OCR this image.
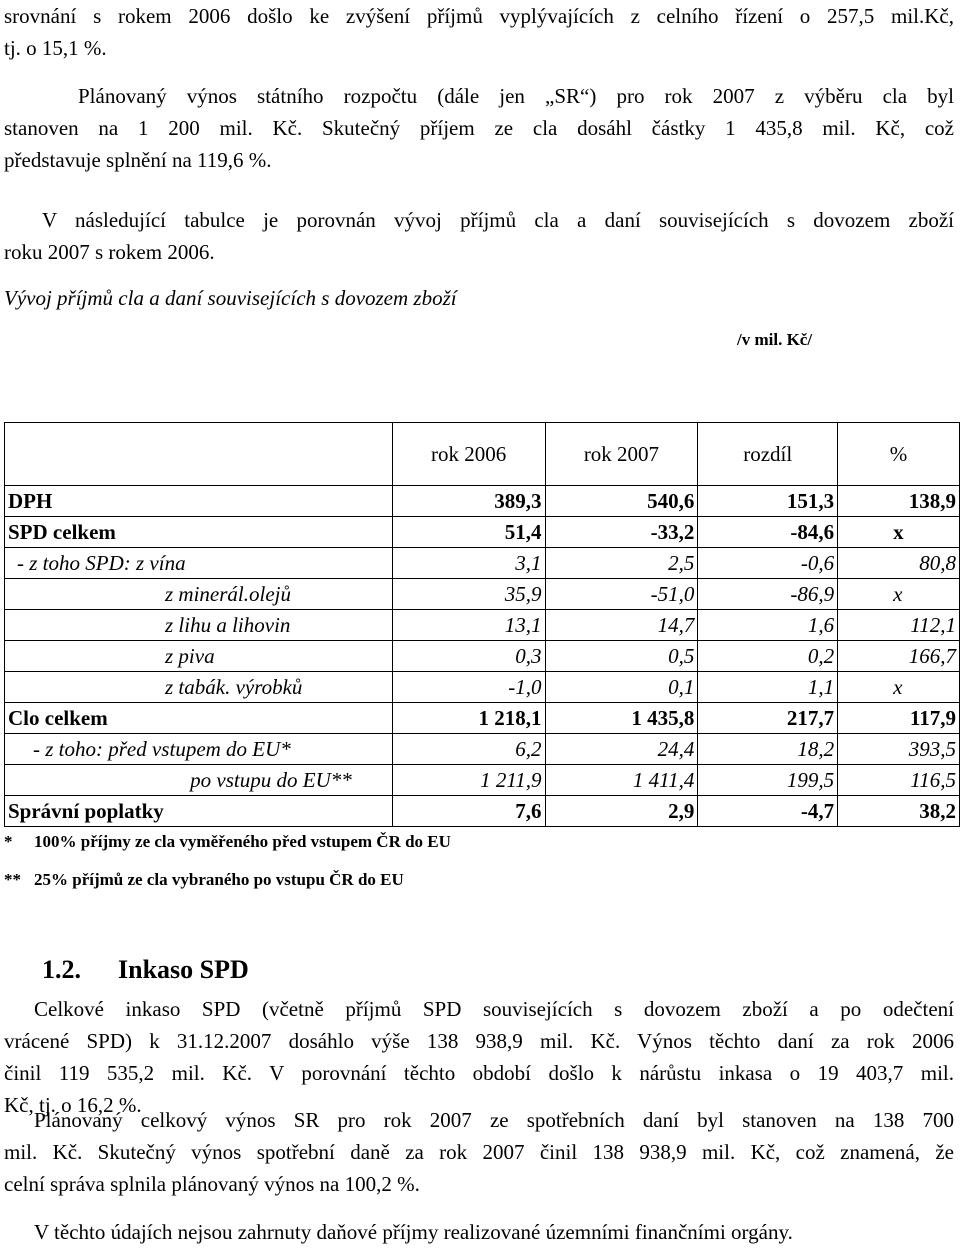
srovnání s rokem 2006 došlo ke zvýšení příjmů vyplývajících z celního řízení o 257,5 mil.Kč,
tj. o 15,1 %.

Plánovaný výnos státního rozpočtu (dále jen „SR“) pro rok 2007 z výběru cla byl
stanoven na 1 200 mil. Kč. Skutečný příjem ze cla dosáhl částky 1 435,8 mil. Kč, což
představuje splnění na 119,6 %.

V následující tabulce je porovnán vývoj příjmů cla a daní souvisejících s dovozem zboží
roku 2007 s rokem 2006.

Vývoj příjmů cla a daní souvisejících s dovozem zboží

/v mil. Kč/

	rok 2006	rok 2007	rozdíl	%
DPH	389,3	540,6	151,3	138,9
SPD celkem	51,4	-33,2	-84,6	x
- z toho SPD: z vína	3,1	2,5	-0,6	80,8
z minerál.olejů	35,9	-51,0	-86,9	x
z lihu a lihovin	13,1	14,7	1,6	112,1
z piva	0,3	0,5	0,2	166,7
z tabák. výrobků	-1,0	0,1	1,1	x
Clo celkem	1 218,1	1 435,8	217,7	117,9
- z toho: před vstupem do EU*	6,2	24,4	18,2	393,5
po vstupu do EU**	1 211,9	1 411,4	199,5	116,5
Správní poplatky	7,6	2,9	-4,7	38,2

* 100% příjmy ze cla vyměřeného před vstupem ČR do EU

** 25% příjmů ze cla vybraného po vstupu ČR do EU

1.2. Inkaso SPD

Celkové inkaso SPD (včetně příjmů SPD souvisejících s dovozem zboží a po odečtení
vrácené SPD) k 31.12.2007 dosáhlo výše 138 938,9 mil. Kč. Výnos těchto daní za rok 2006
činil 119 535,2 mil. Kč. V porovnání těchto období došlo k nárůstu inkasa o 19 403,7 mil.
Kč, tj. o 16,2 %.

Plánovaný celkový výnos SR pro rok 2007 ze spotřebních daní byl stanoven na 138 700
mil. Kč. Skutečný výnos spotřební daně za rok 2007 činil 138 938,9 mil. Kč, což znamená, že
celní správa splnila plánovaný výnos na 100,2 %.

V těchto údajích nejsou zahrnuty daňové příjmy realizované územními finančními orgány.
